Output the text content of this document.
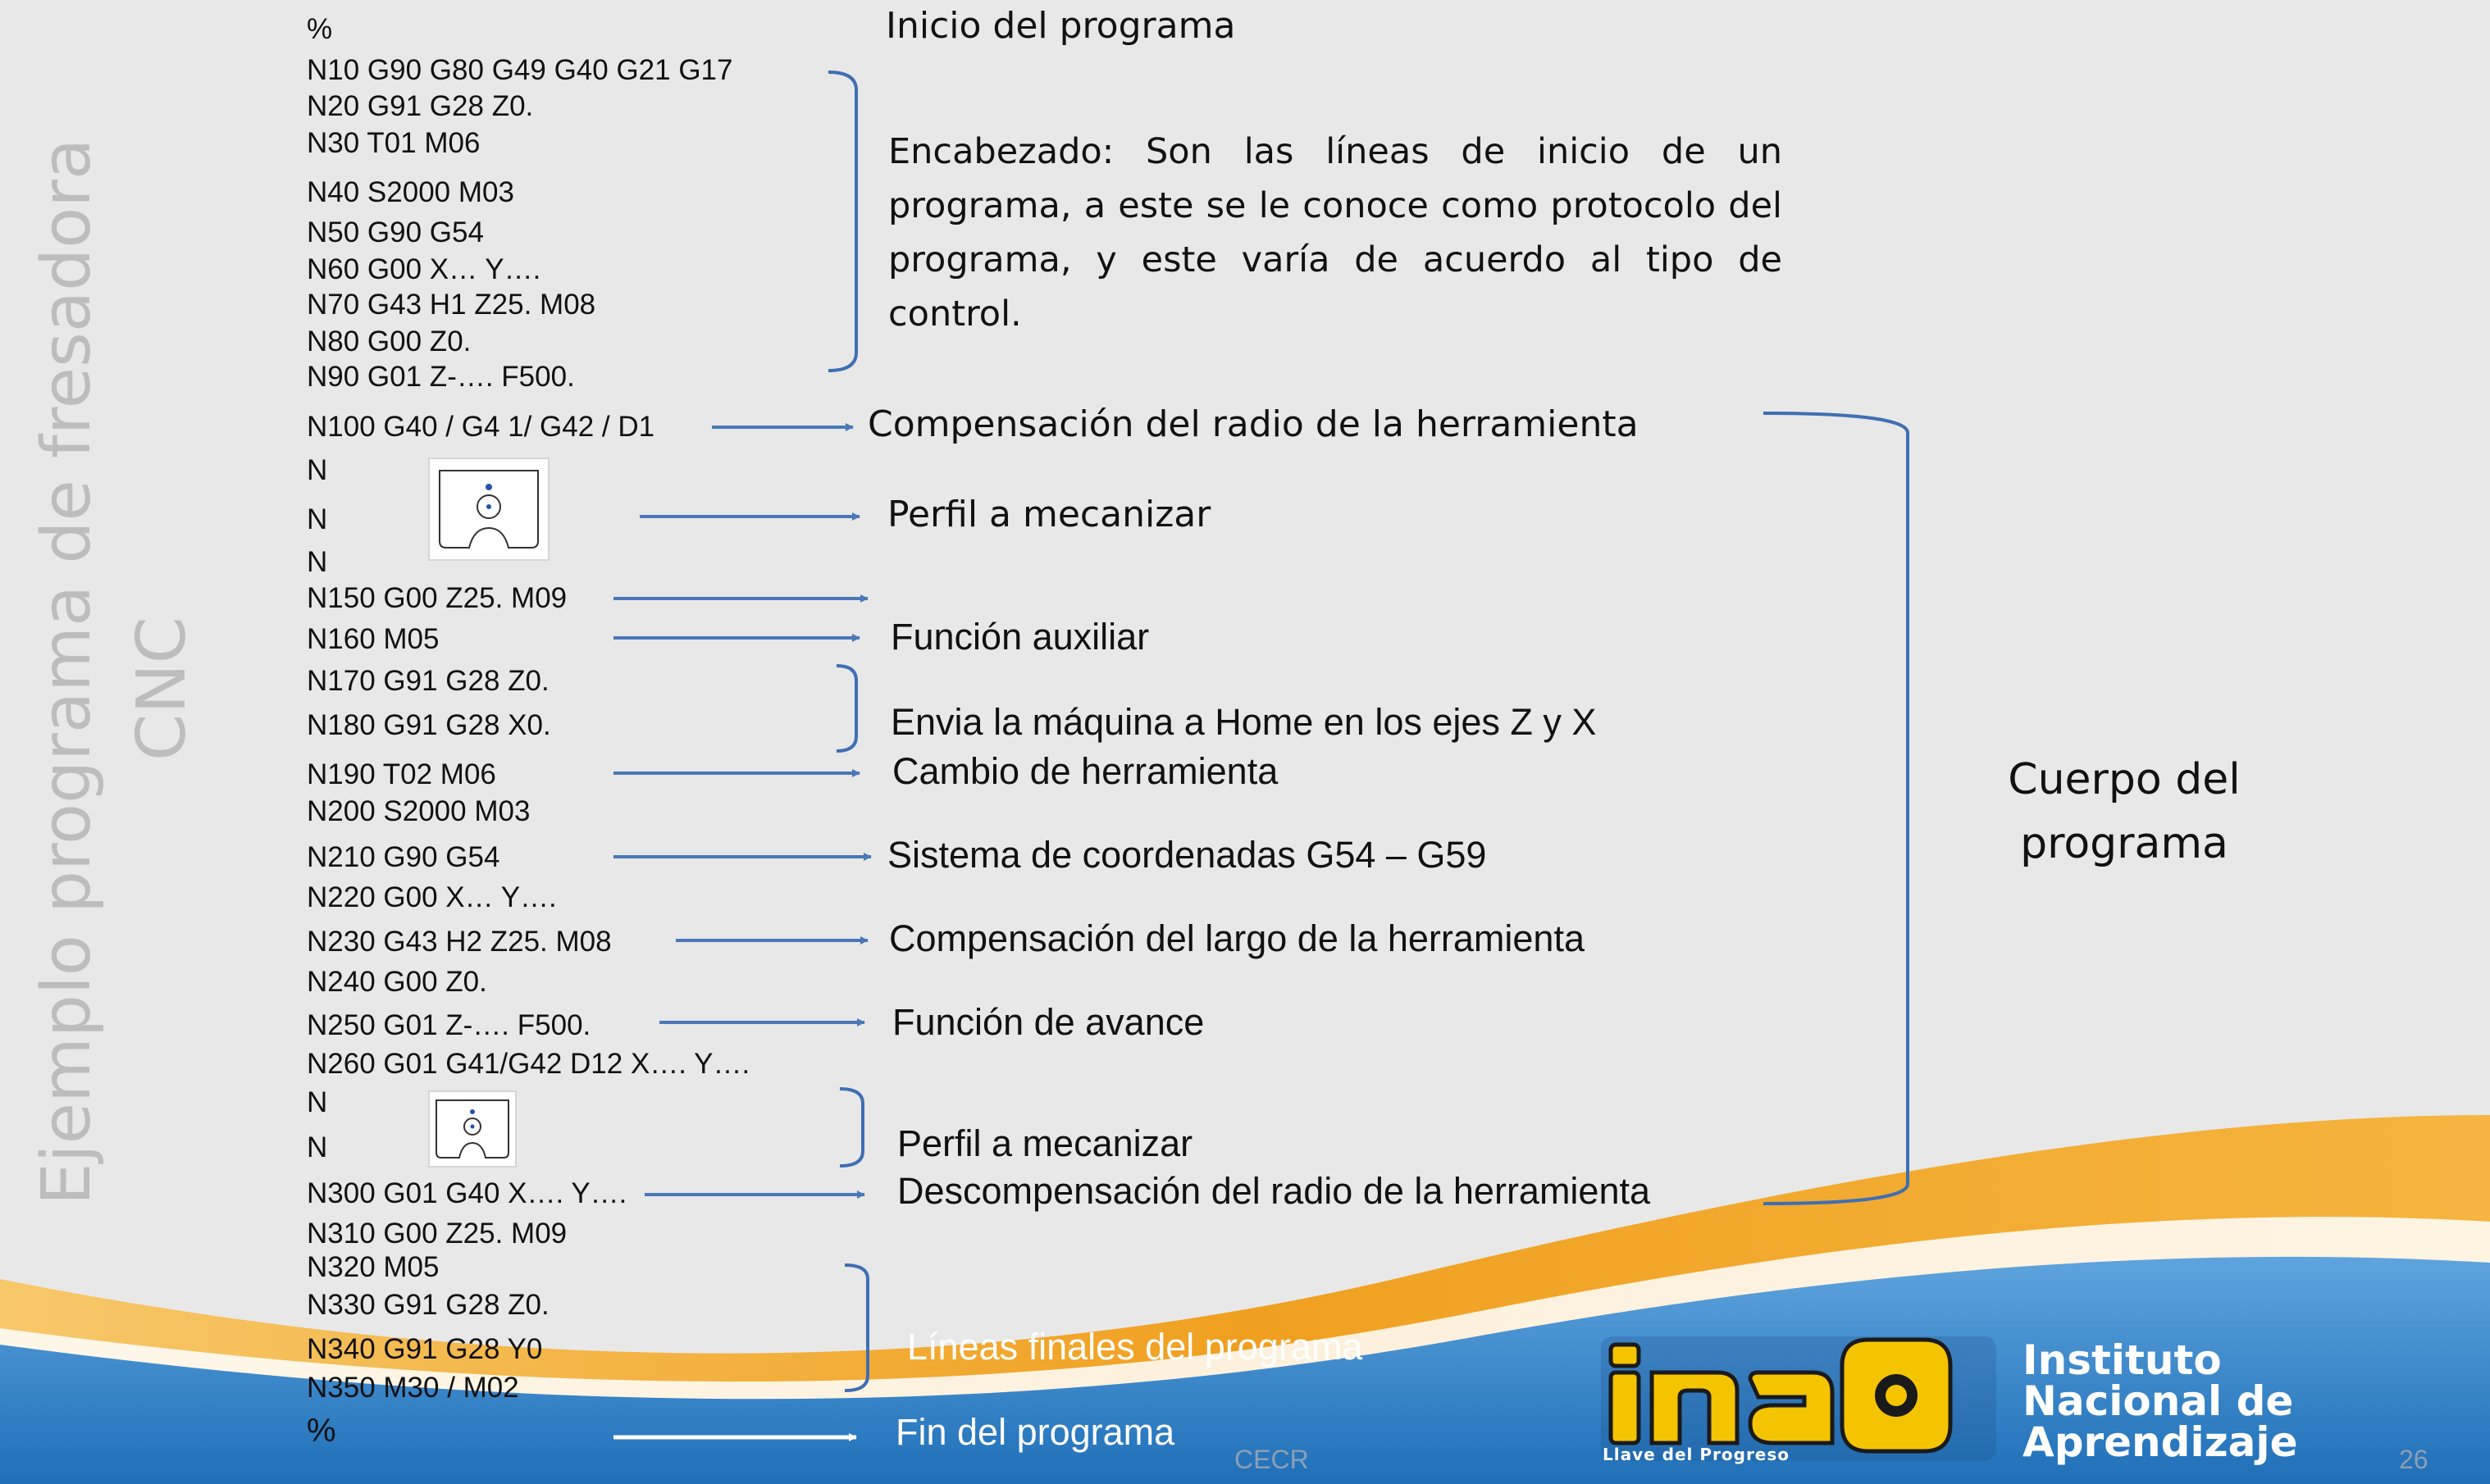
Ejemplo programa de fresadora CNC
%
N10 G90 G80 G49 G40 G21 G17
N20 G91 G28 Z0.
N30 T01 M06
N40 S2000 M03
N50 G90 G54
N60 G00 X… Y….
N70 G43 H1 Z25. M08
N80 G00 Z0.
N90 G01 Z-…. F500.
N100 G40 / G4 1/ G42 / D1
N
N
N
N150 G00 Z25. M09
N160 M05
N170 G91 G28 Z0.
N180 G91 G28 X0.
N190 T02 M06
N200 S2000 M03
N210 G90 G54
N220 G00 X… Y….
N230 G43 H2 Z25. M08
N240 G00 Z0.
N250 G01 Z-…. F500.
N260 G01 G41/G42 D12 X…. Y….
N
N
N300 G01 G40 X…. Y….
N310 G00 Z25. M09
N320 M05
N330 G91 G28 Z0.
N340 G91 G28 Y0
N350 M30 / M02
%
Inicio del programa
Encabezado: Son las líneas de inicio de un programa, a este se le conoce como protocolo del programa, y este varía de acuerdo al tipo de control.
Compensación del radio de la herramienta
Perfil a mecanizar
Función auxiliar
Envia la máquina a Home en los ejes Z y X
Cambio de herramienta
Sistema de coordenadas G54 – G59
Compensación del largo de la herramienta
Función de avance
Perfil a mecanizar
Descompensación del radio de la herramienta
Líneas finales del programa
Fin del programa
Cuerpo del
programa
Llave del Progreso
Instituto
Nacional de
Aprendizaje
CECR	26
